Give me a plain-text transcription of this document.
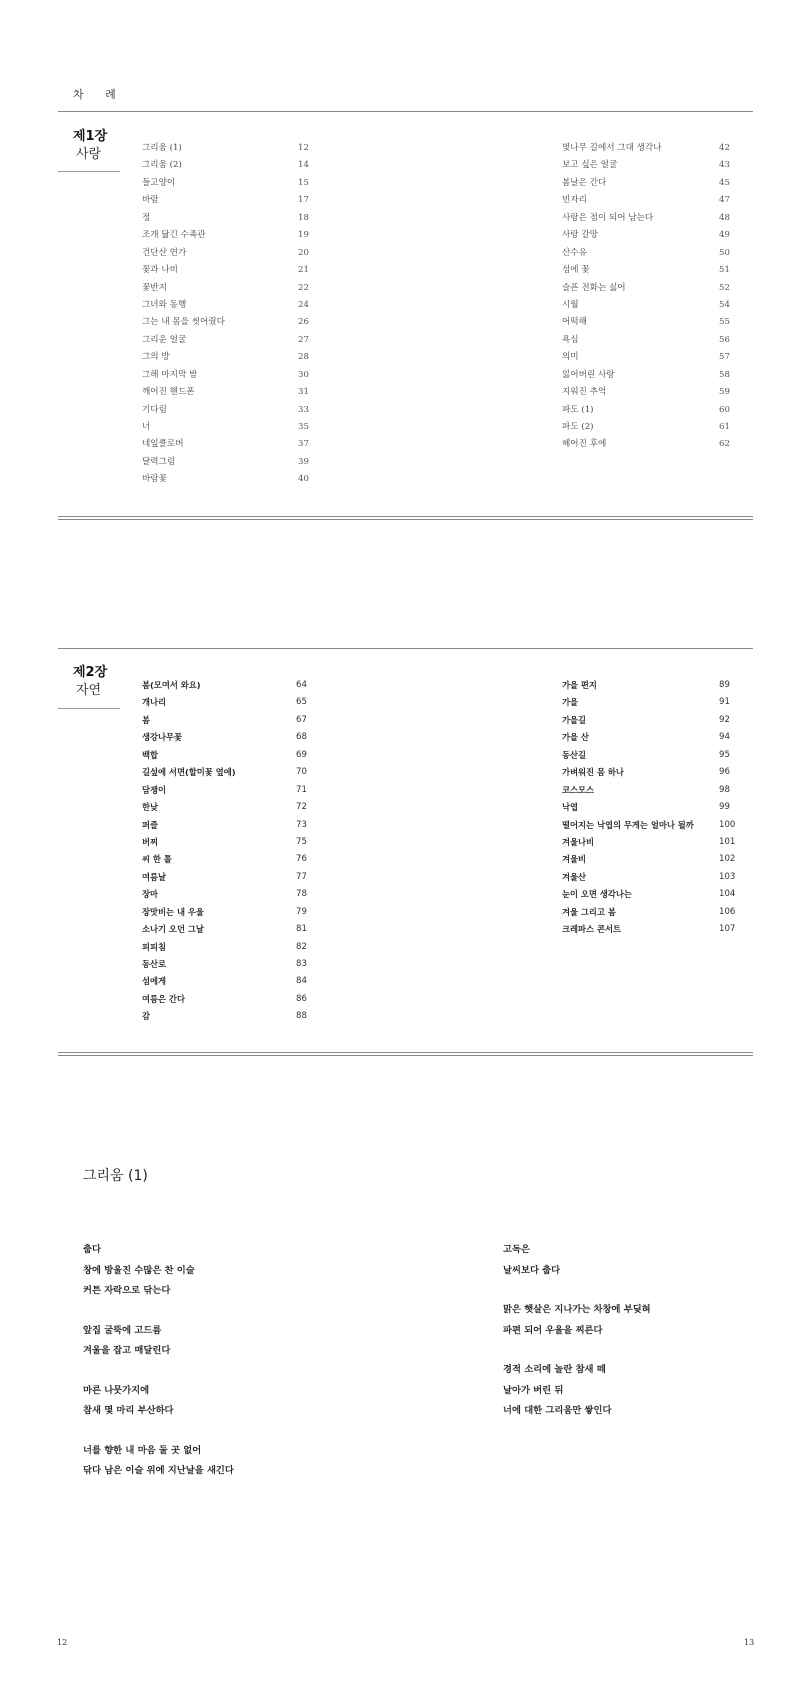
차 례
제1장
사랑	그리움 (1)	12
그리움 (2)	14
들고양이	15
바람	17
정	18
조개 닮긴 수족관	19
건단산 연가	20
꽃과 나비	21
꽃반지	22
그녀와 동행	24
그는 내 몸을 씻어줬다	26
그리운 얼굴	27
그의 방	28
그해 마지막 밤	30
깨어진 핸드폰	31
기다림	33
너	35
네잎클로버	37
달력그림	39
바람꽃	40
벚나무 길에서 그대 생각나	42
보고 싶은 얼굴	43
봄날은 간다	45
빈자리	47
사랑은 점이 되어 남는다	48
사랑 갈망	49
산수유	50
섬에 꽃	51
슬픈 전화는 싫어	52
시월	54
어떡해	55
욕심	56
의미	57
잃어버린 사랑	58
지워진 추억	59
파도 (1)	60
파도 (2)	61
헤어진 후에	62
제2장
자연	봄(모여서 와요)	64
개나리	65
봄	67
생강나무꽃	68
백합	69
길섶에 서면(할미꽃 옆에)	70
담쟁이	71
한낮	72
퍼즐	73
버찌	75
씨 한 톨	76
여름날	77
장마	78
장맛비는 내 우울	79
소나기 오던 그날	81
피피침	82
동산로	83
섬에게	84
여름은 간다	86
감	88
가을 편지	89
가을	91
가을길	92
가을 산	94
동산길	95
가벼워진 몸 하나	96
코스모스	98
낙엽	99
떨어지는 낙엽의 무게는 얼마나 될까	100
겨울나비	101
겨울비	102
겨울산	103
눈이 오면 생각나는	104
겨울 그리고 봄	106
크레파스 콘서트	107
그리움 (1)
춥다
창에 방울진 수많은 찬 이슬
커튼 자락으로 닦는다
앞집 굴뚝에 고드름
겨울을 잡고 매달린다
마른 나뭇가지에
참새 몇 마리 부산하다
너를 향한 내 마음 둘 곳 없어
닦다 남은 이슬 위에 지난날을 새긴다
고독은
날씨보다 춥다
맑은 햇살은 지나가는 차창에 부딪혀
파편 되어 우울을 찌른다
경적 소리에 놀란 참새 떼
날아가 버린 뒤
너에 대한 그리움만 쌓인다
12	13
